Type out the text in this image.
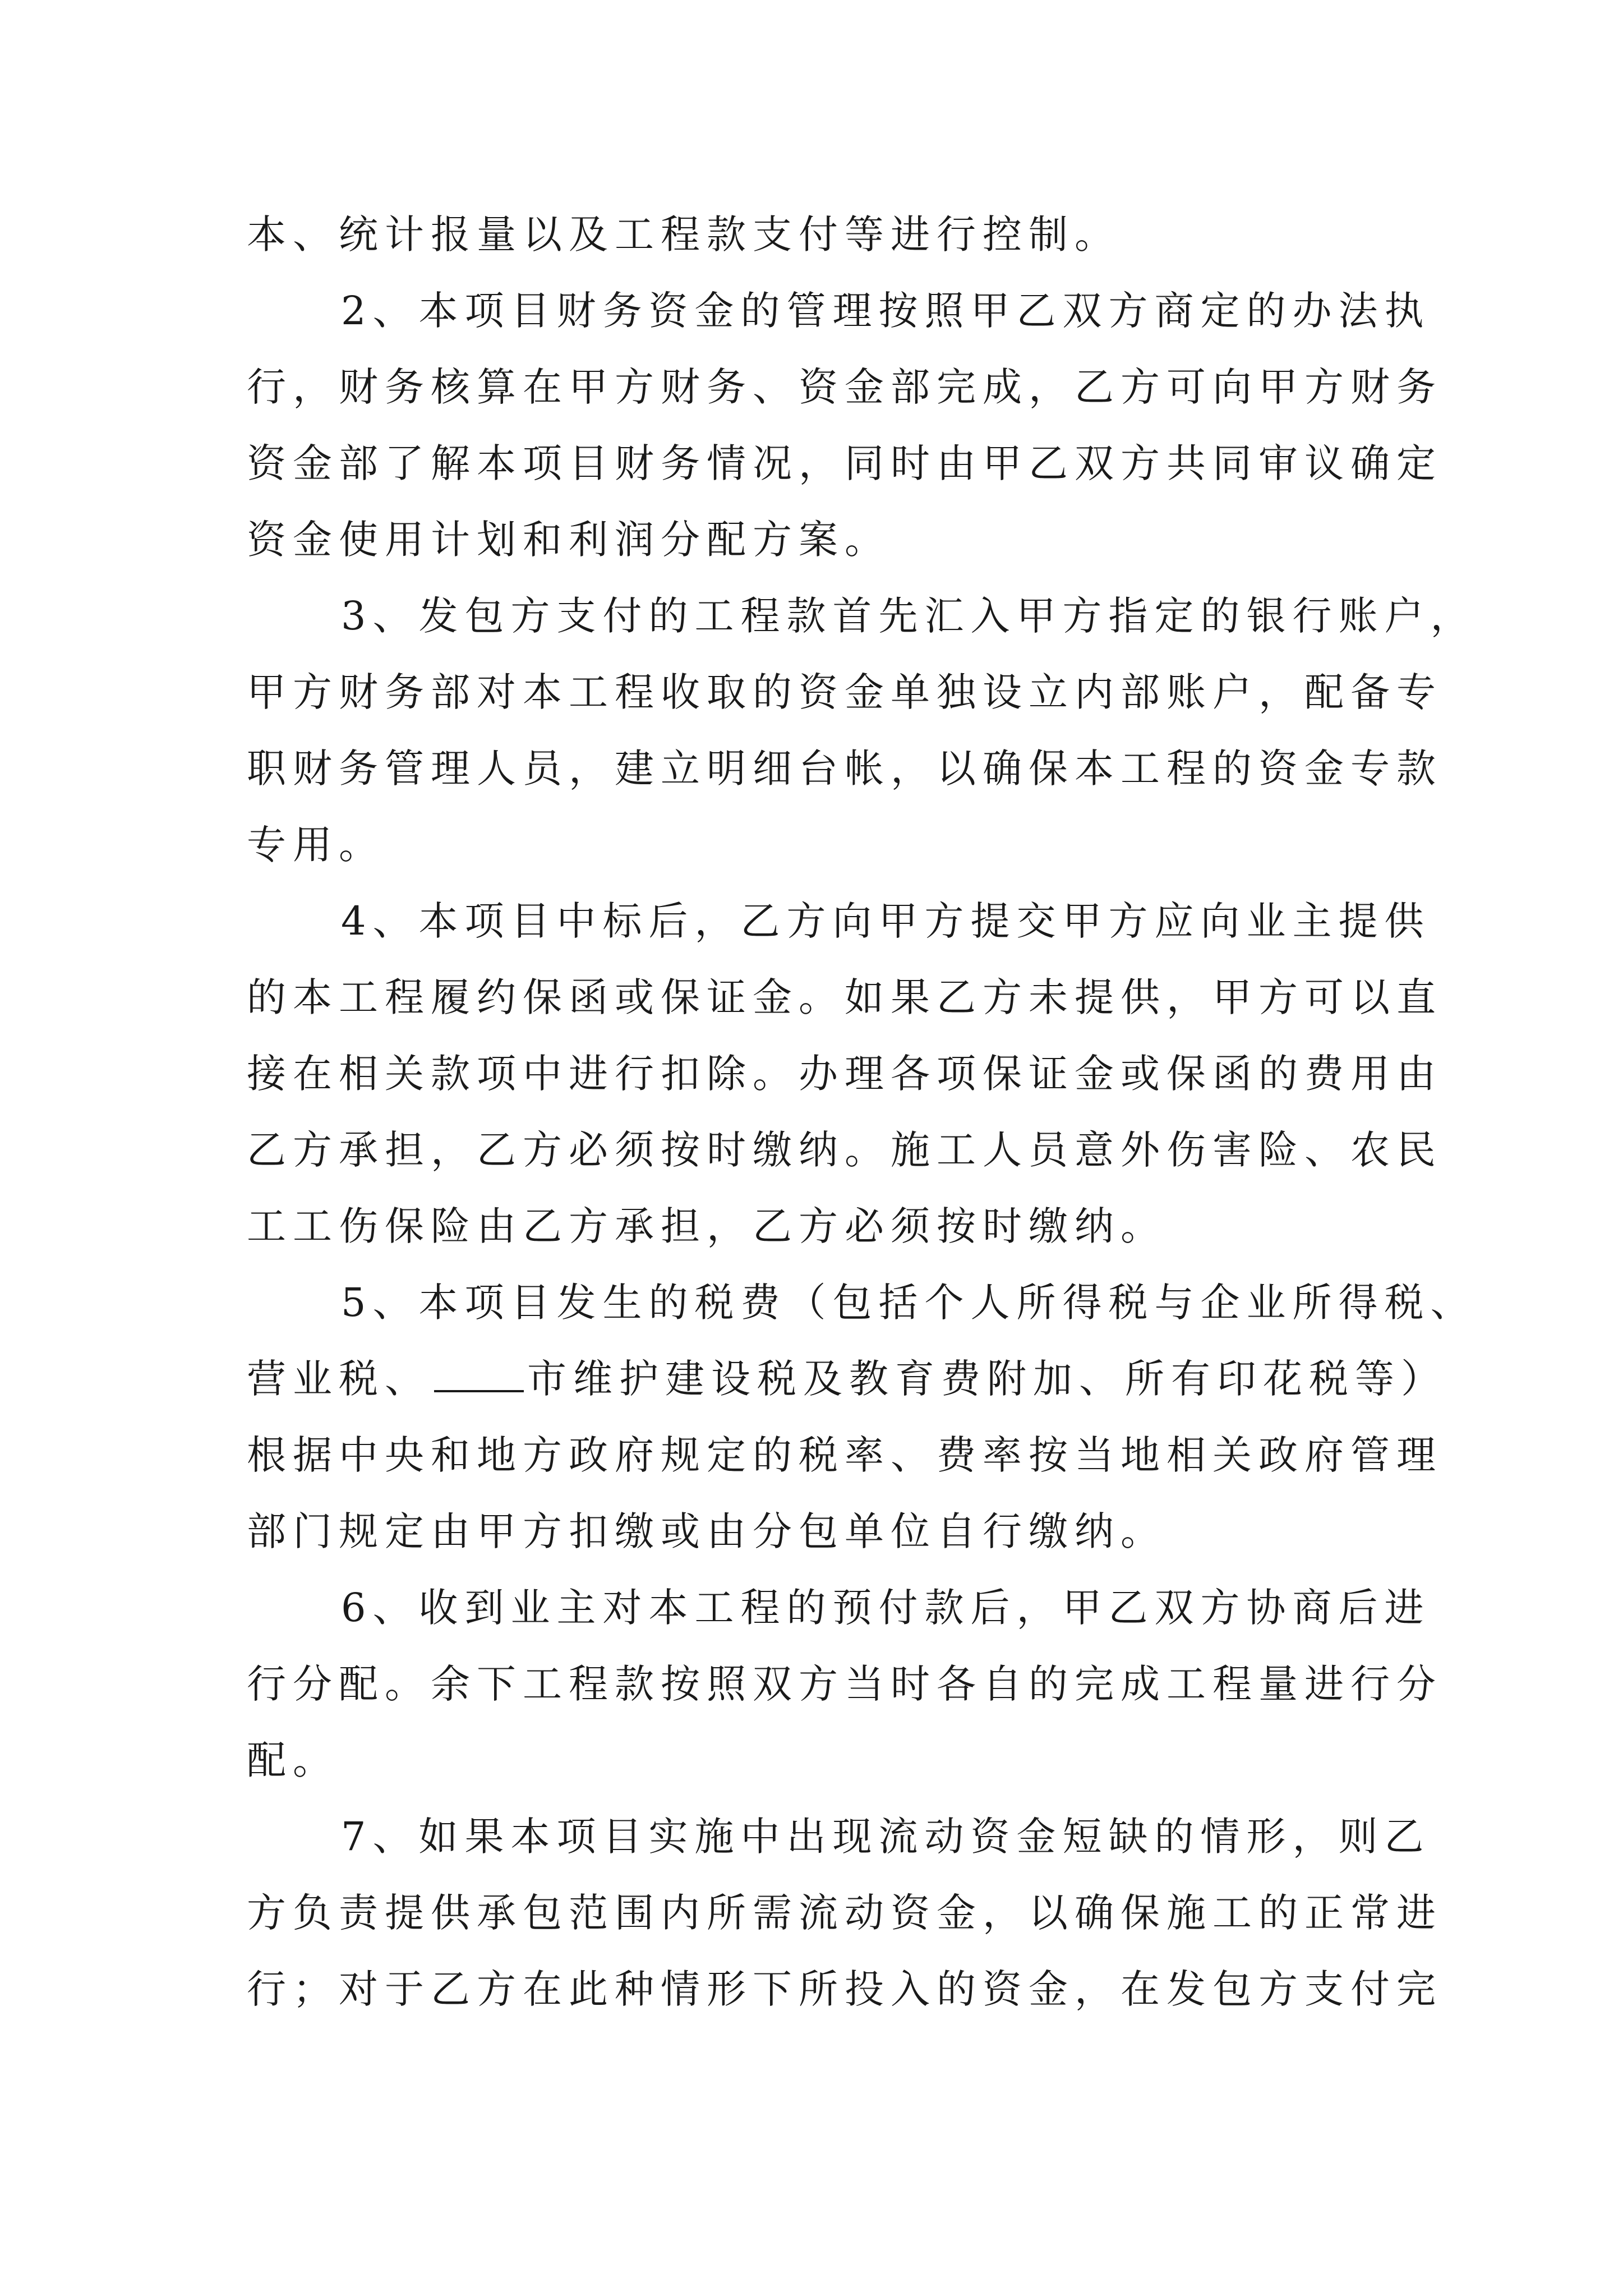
本、统计报量以及工程款支付等进行控制。
2、本项目财务资金的管理按照甲乙双方商定的办法执
行，财务核算在甲方财务、资金部完成，乙方可向甲方财务
资金部了解本项目财务情况，同时由甲乙双方共同审议确定
资金使用计划和利润分配方案。
3、发包方支付的工程款首先汇入甲方指定的银行账户，
甲方财务部对本工程收取的资金单独设立内部账户，配备专
职财务管理人员，建立明细台帐，以确保本工程的资金专款
专用。
4、本项目中标后，乙方向甲方提交甲方应向业主提供
的本工程履约保函或保证金。如果乙方未提供，甲方可以直
接在相关款项中进行扣除。办理各项保证金或保函的费用由
乙方承担，乙方必须按时缴纳。施工人员意外伤害险、农民
工工伤保险由乙方承担，乙方必须按时缴纳。
5、本项目发生的税费（包括个人所得税与企业所得税、
营业税、 市维护建设税及教育费附加、所有印花税等）
根据中央和地方政府规定的税率、费率按当地相关政府管理
部门规定由甲方扣缴或由分包单位自行缴纳。
6、收到业主对本工程的预付款后，甲乙双方协商后进
行分配。余下工程款按照双方当时各自的完成工程量进行分
配。
7、如果本项目实施中出现流动资金短缺的情形，则乙
方负责提供承包范围内所需流动资金，以确保施工的正常进
行；对于乙方在此种情形下所投入的资金，在发包方支付完
